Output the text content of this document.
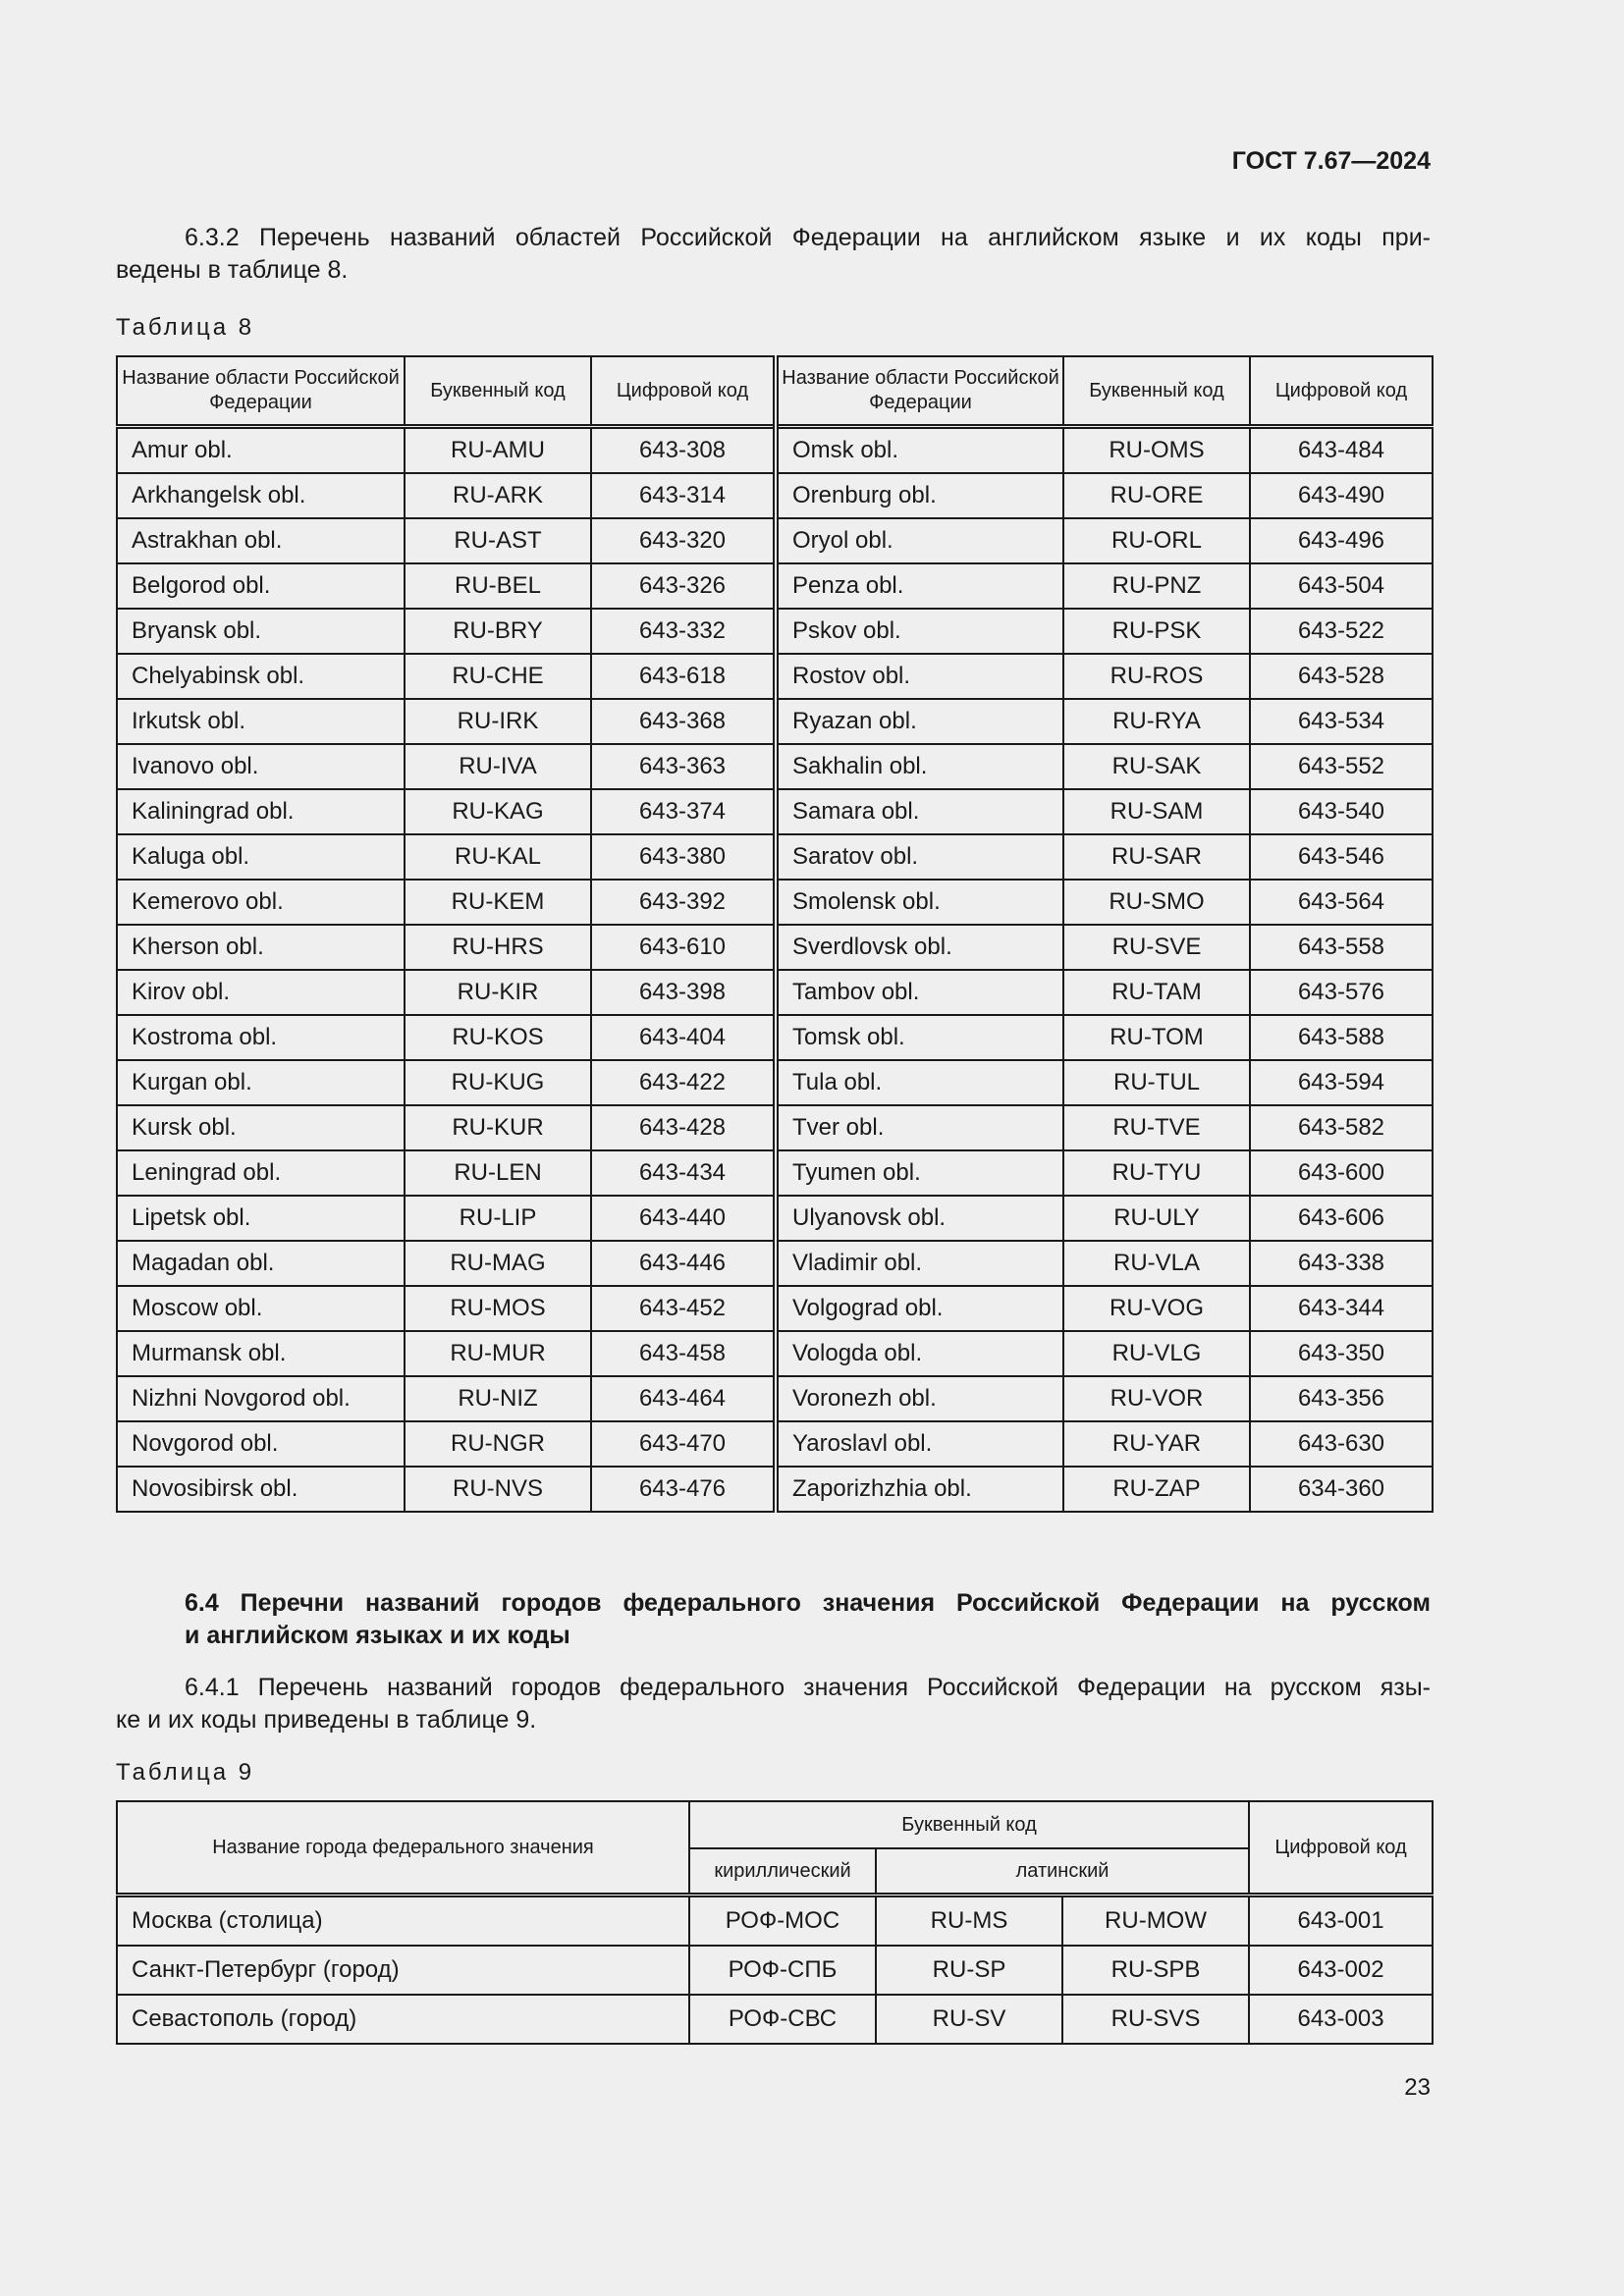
ГОСТ 7.67—2024
6.3.2 Перечень названий областей Российской Федерации на английском языке и их коды при-
ведены в таблице 8.
Таблица 8
Название области Российской Федерации	Буквенный код	Цифровой код	Название области Российской Федерации	Буквенный код	Цифровой код
Amur obl.	RU-AMU	643-308	Omsk obl.	RU-OMS	643-484
Arkhangelsk obl.	RU-ARK	643-314	Orenburg obl.	RU-ORE	643-490
Astrakhan obl.	RU-AST	643-320	Oryol obl.	RU-ORL	643-496
Belgorod obl.	RU-BEL	643-326	Penza obl.	RU-PNZ	643-504
Bryansk obl.	RU-BRY	643-332	Pskov obl.	RU-PSK	643-522
Chelyabinsk obl.	RU-CHE	643-618	Rostov obl.	RU-ROS	643-528
Irkutsk obl.	RU-IRK	643-368	Ryazan obl.	RU-RYA	643-534
Ivanovo obl.	RU-IVA	643-363	Sakhalin obl.	RU-SAK	643-552
Kaliningrad obl.	RU-KAG	643-374	Samara obl.	RU-SAM	643-540
Kaluga obl.	RU-KAL	643-380	Saratov obl.	RU-SAR	643-546
Kemerovo obl.	RU-KEM	643-392	Smolensk obl.	RU-SMO	643-564
Kherson obl.	RU-HRS	643-610	Sverdlovsk obl.	RU-SVE	643-558
Kirov obl.	RU-KIR	643-398	Tambov obl.	RU-TAM	643-576
Kostroma obl.	RU-KOS	643-404	Tomsk obl.	RU-TOM	643-588
Kurgan obl.	RU-KUG	643-422	Tula obl.	RU-TUL	643-594
Kursk obl.	RU-KUR	643-428	Tver obl.	RU-TVE	643-582
Leningrad obl.	RU-LEN	643-434	Tyumen obl.	RU-TYU	643-600
Lipetsk obl.	RU-LIP	643-440	Ulyanovsk obl.	RU-ULY	643-606
Magadan obl.	RU-MAG	643-446	Vladimir obl.	RU-VLA	643-338
Moscow obl.	RU-MOS	643-452	Volgograd obl.	RU-VOG	643-344
Murmansk obl.	RU-MUR	643-458	Vologda obl.	RU-VLG	643-350
Nizhni Novgorod obl.	RU-NIZ	643-464	Voronezh obl.	RU-VOR	643-356
Novgorod obl.	RU-NGR	643-470	Yaroslavl obl.	RU-YAR	643-630
Novosibirsk obl.	RU-NVS	643-476	Zaporizhzhia obl.	RU-ZAP	634-360
6.4 Перечни названий городов федерального значения Российской Федерации на русском
и английском языках и их коды
6.4.1 Перечень названий городов федерального значения Российской Федерации на русском язы-
ке и их коды приведены в таблице 9.
Таблица 9
Название города федерального значения	Буквенный код			Цифровой код
	кириллический	латинский		
Москва (столица)	РОФ-МОС	RU-MS	RU-MOW	643-001
Санкт-Петербург (город)	РОФ-СПБ	RU-SP	RU-SPB	643-002
Севастополь (город)	РОФ-СВС	RU-SV	RU-SVS	643-003
23
